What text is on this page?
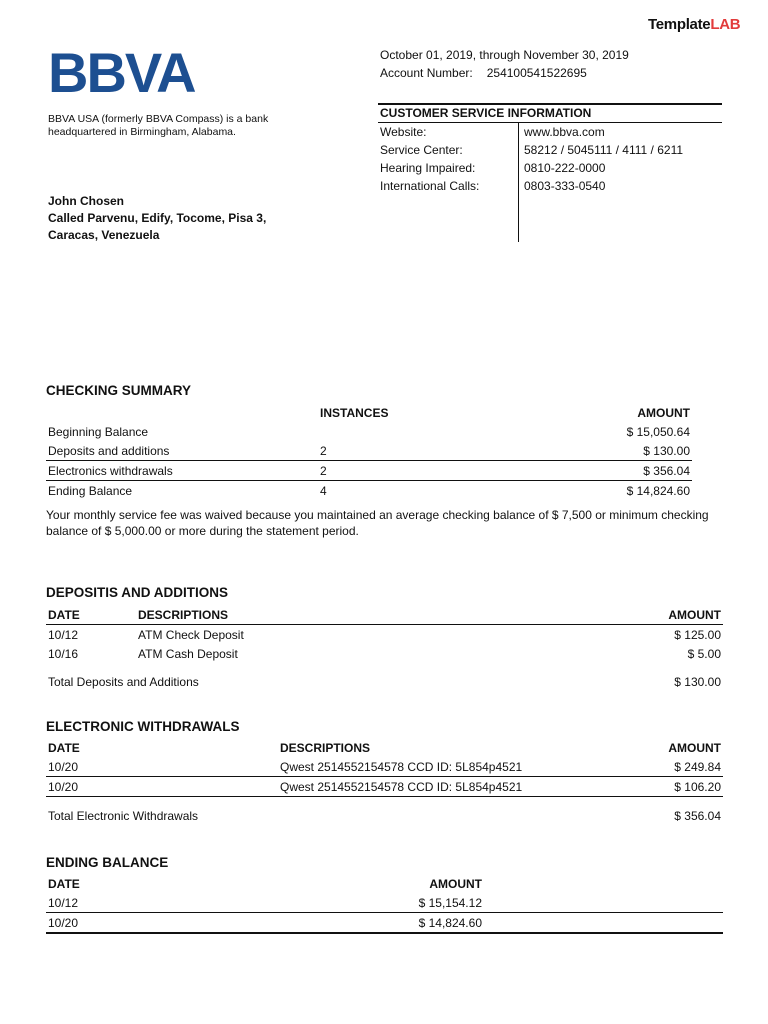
BBVA

TemplateLAB
BBVA USA (formerly BBVA Compass) is a bank headquartered in Birmingham, Alabama.
October 01, 2019, through November 30, 2019
Account Number: 254100541522695
CUSTOMER SERVICE INFORMATION
Website:	www.bbva.com
Service Center:	58212 / 5045111 / 4111 / 6211
Hearing Impaired:	0810-222-0000
International Calls:	0803-333-0540
John Chosen
Called Parvenu, Edify, Tocome, Pisa 3,
Caracas, Venezuela
CHECKING SUMMARY
	INSTANCES	AMOUNT
Beginning Balance		$ 15,050.64
Deposits and additions	2	$ 130.00
Electronics withdrawals	2	$ 356.04
Ending Balance	4	$ 14,824.60
Your monthly service fee was waived because you maintained an average checking balance of $ 7,500 or minimum checking balance of $ 5,000.00 or more during the statement period.
DEPOSITIS AND ADDITIONS
DATE	DESCRIPTIONS	AMOUNT
10/12	ATM Check Deposit	$ 125.00
10/16	ATM Cash Deposit	$ 5.00
Total Deposits and Additions		$ 130.00
ELECTRONIC WITHDRAWALS
DATE	DESCRIPTIONS	AMOUNT
10/20	Qwest 2514552154578 CCD ID: 5L854p4521	$ 249.84
10/20	Qwest 2514552154578 CCD ID: 5L854p4521	$ 106.20
Total Electronic Withdrawals		$ 356.04
ENDING BALANCE
DATE	AMOUNT	
10/12	$ 15,154.12	
10/20	$ 14,824.60	
